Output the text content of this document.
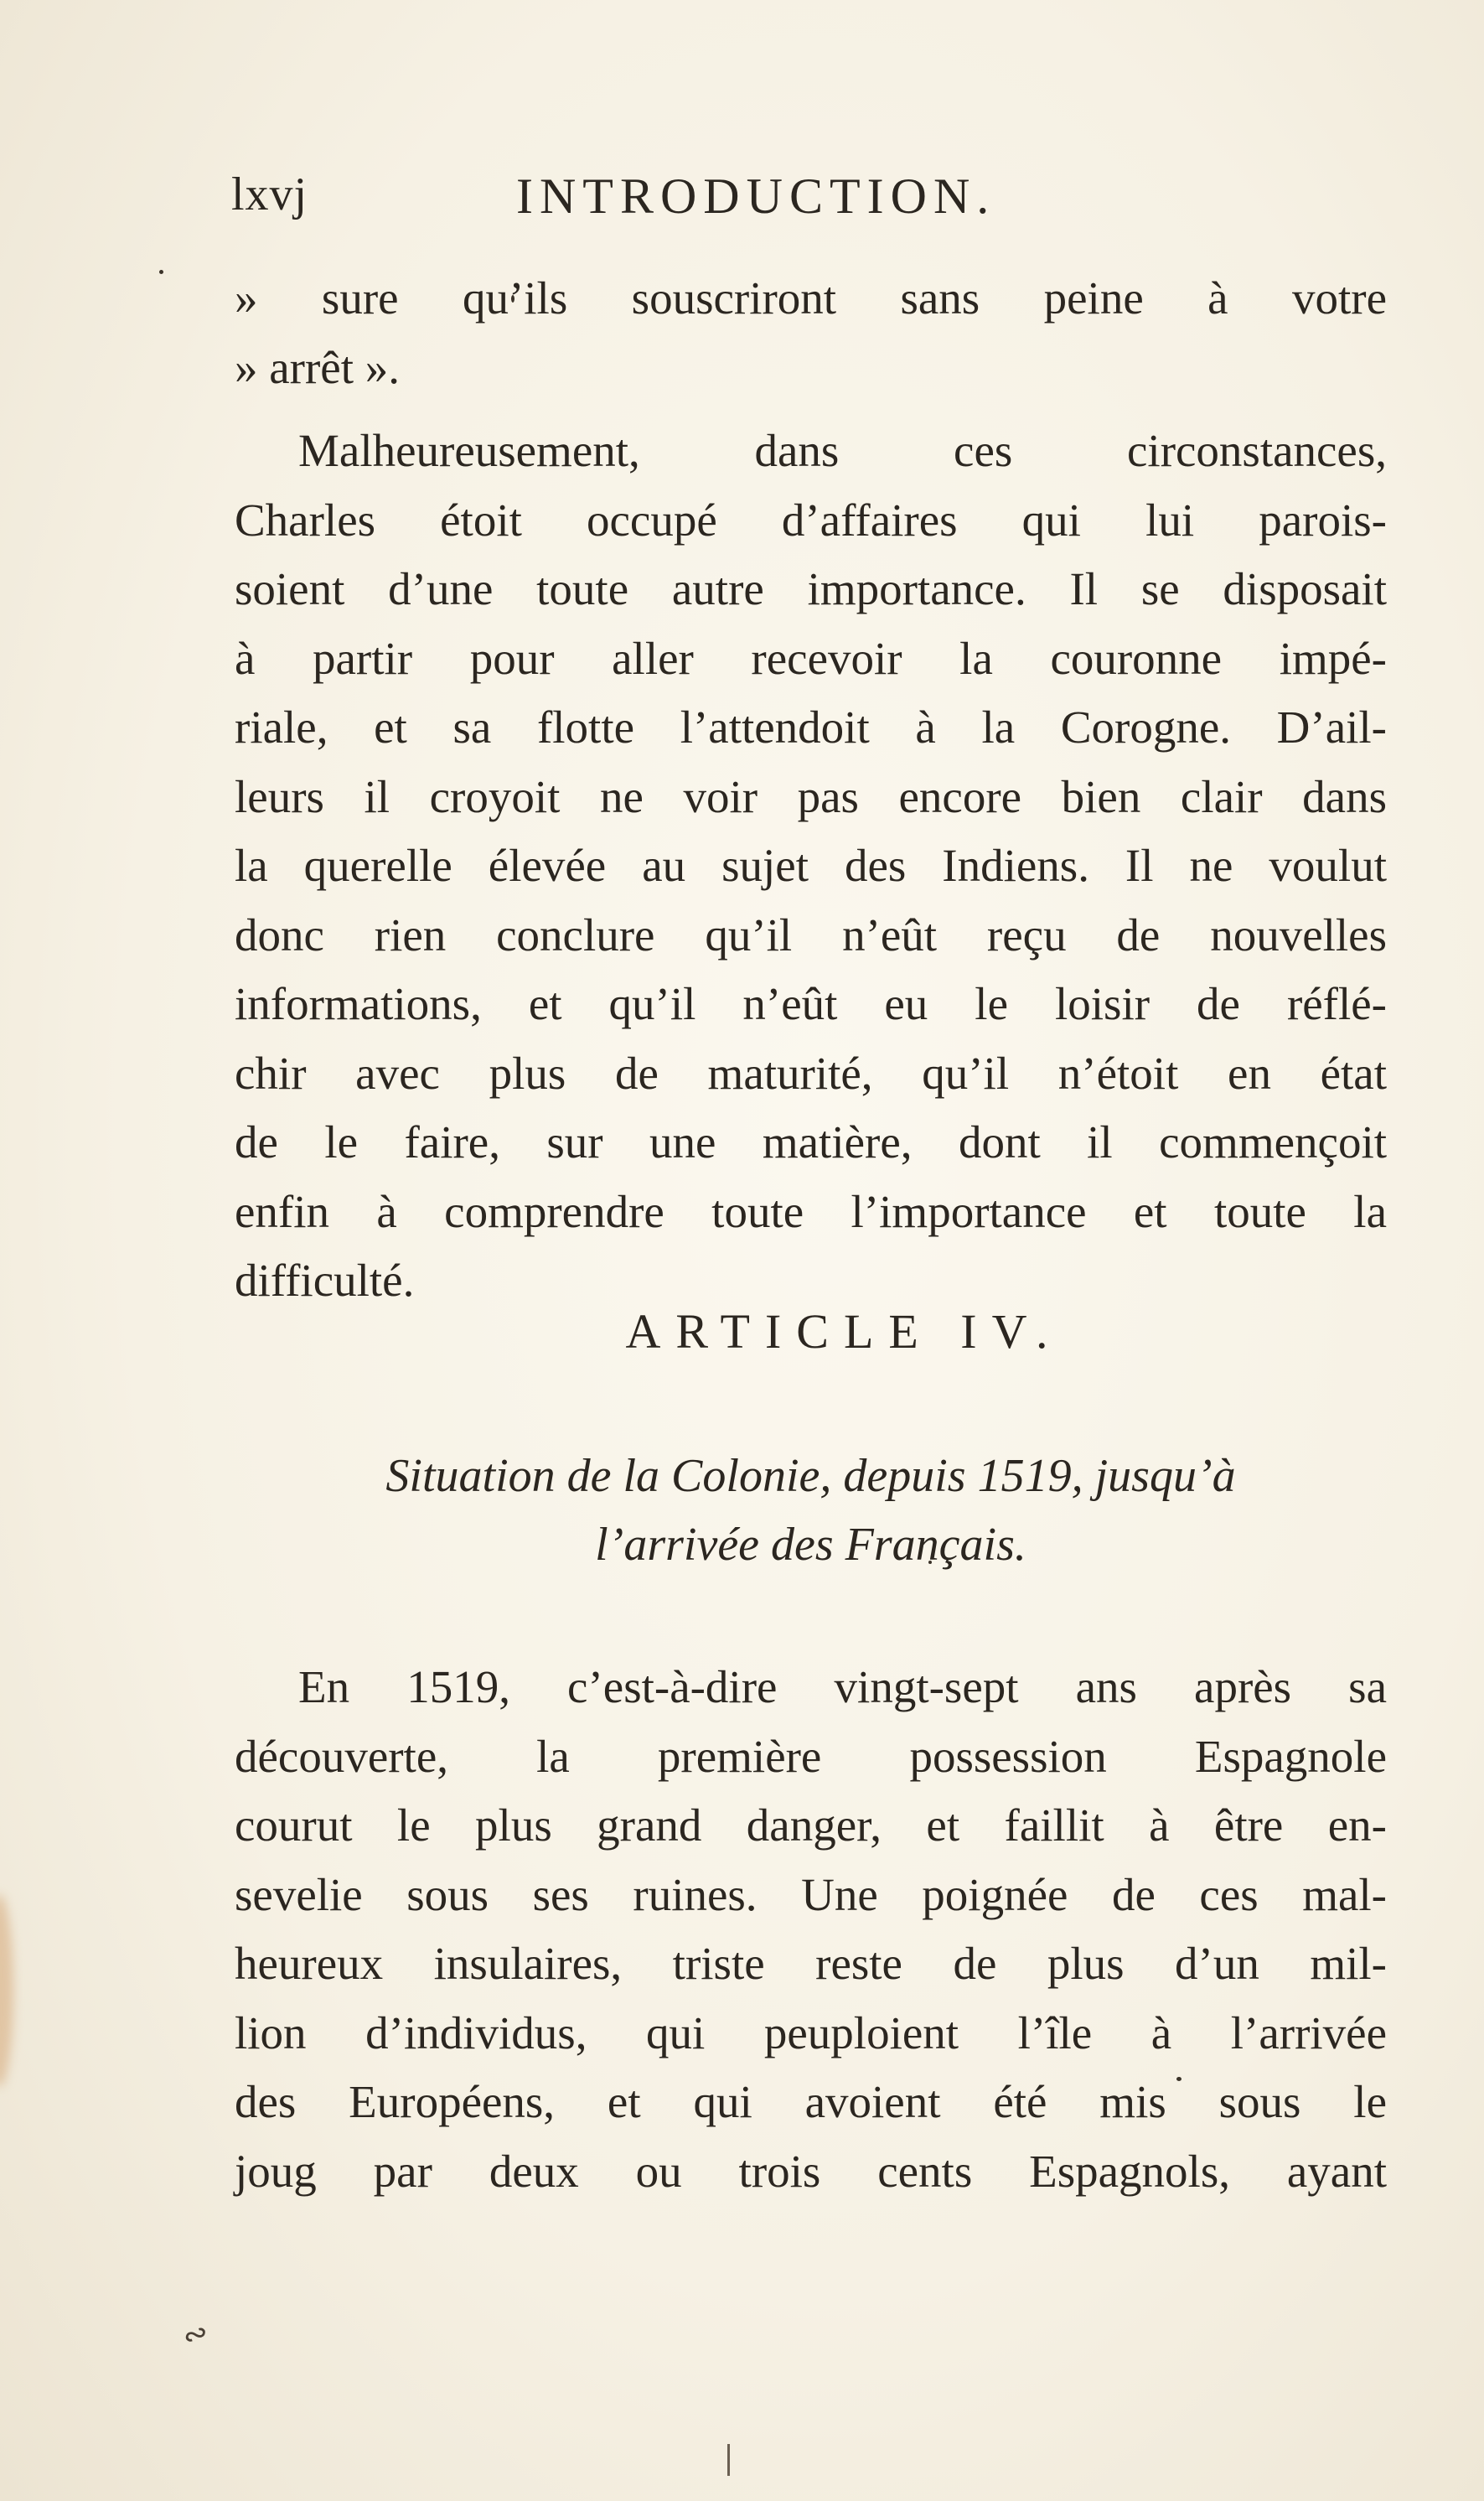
lxvj	INTRODUCTION.

» sure qu’ils souscriront sans peine à votre

» arrêt ».

Malheureusement, dans ces circonstances,

Charles étoit occupé d’affaires qui lui parois-

soient d’une toute autre importance. Il se disposait

à partir pour aller recevoir la couronne impé-

riale, et sa flotte l’attendoit à la Corogne. D’ail-

leurs il croyoit ne voir pas encore bien clair dans

la querelle élevée au sujet des Indiens. Il ne voulut

donc rien conclure qu’il n’eût reçu de nouvelles

informations, et qu’il n’eût eu le loisir de réflé-

chir avec plus de maturité, qu’il n’étoit en état

de le faire, sur une matière, dont il commençoit

enfin à comprendre toute l’importance et toute la

difficulté.

ARTICLE IV.
Situation de la Colonie, depuis 1519, jusqu’à
l’arrivée des Français.

En 1519, c’est-à-dire vingt-sept ans après sa

découverte, la première possession Espagnole

courut le plus grand danger, et faillit à être en-

sevelie sous ses ruines. Une poignée de ces mal-

heureux insulaires, triste reste de plus d’un mil-

lion d’individus, qui peuploient l’île à l’arrivée

des Européens, et qui avoient été mis sous le

joug par deux ou trois cents Espagnols, ayant

∾
